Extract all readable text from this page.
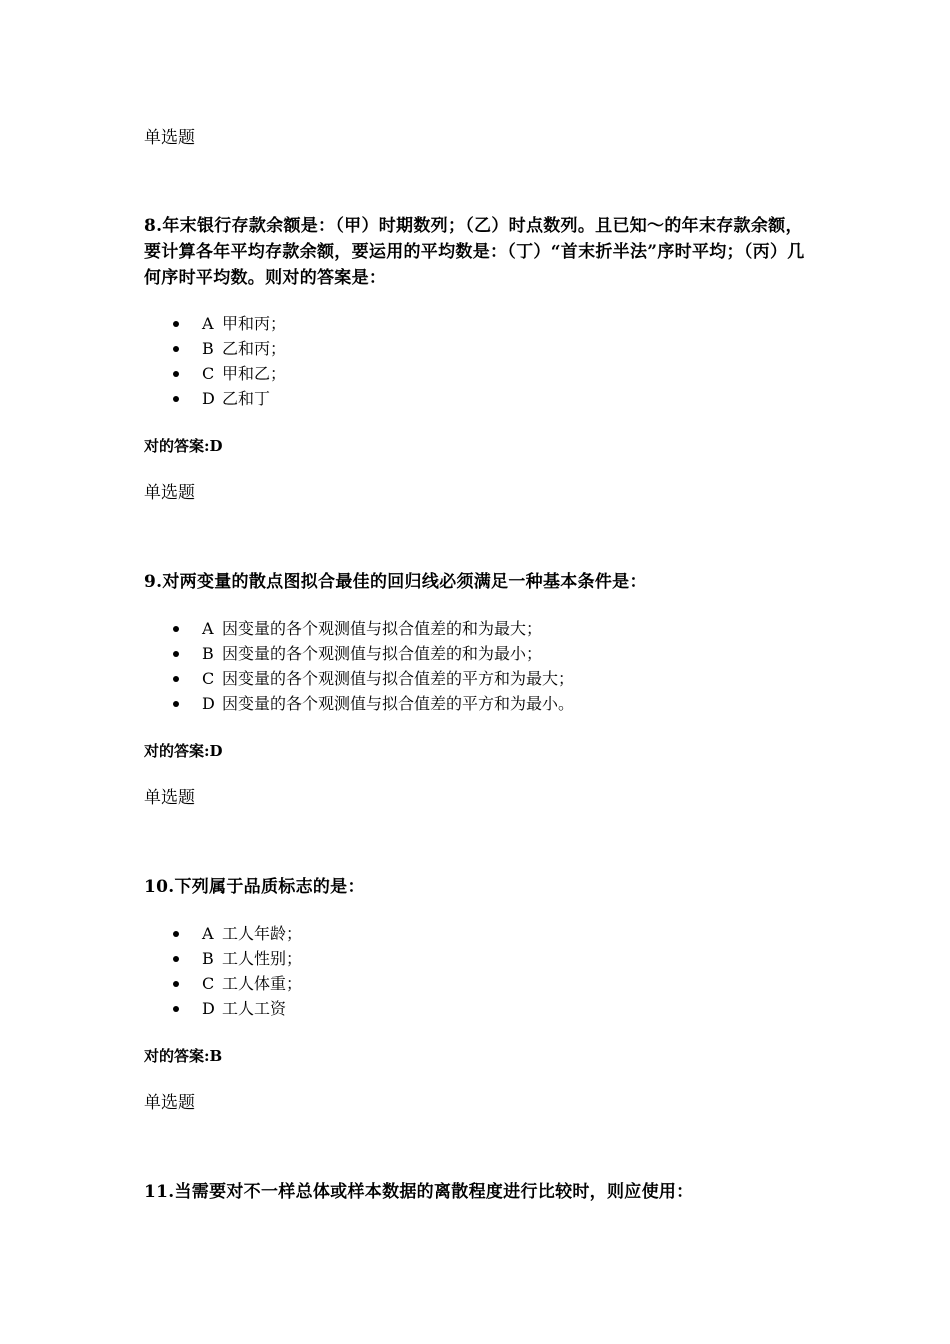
单选题
8.年末银行存款余额是：（甲）时期数列；（乙）时点数列。且已知～的年末存款余额，要计算各年平均存款余额，要运用的平均数是：（丁）“首末折半法”序时平均；（丙）几何序时平均数。则对的答案是：
A 甲和丙；
B 乙和丙；
C 甲和乙；
D 乙和丁
对的答案:D
单选题
9.对两变量的散点图拟合最佳的回归线必须满足一种基本条件是：
A 因变量的各个观测值与拟合值差的和为最大；
B 因变量的各个观测值与拟合值差的和为最小；
C 因变量的各个观测值与拟合值差的平方和为最大；
D 因变量的各个观测值与拟合值差的平方和为最小。
对的答案:D
单选题
10.下列属于品质标志的是：
A 工人年龄；
B 工人性别；
C 工人体重；
D 工人工资
对的答案:B
单选题
11.当需要对不一样总体或样本数据的离散程度进行比较时，则应使用：
